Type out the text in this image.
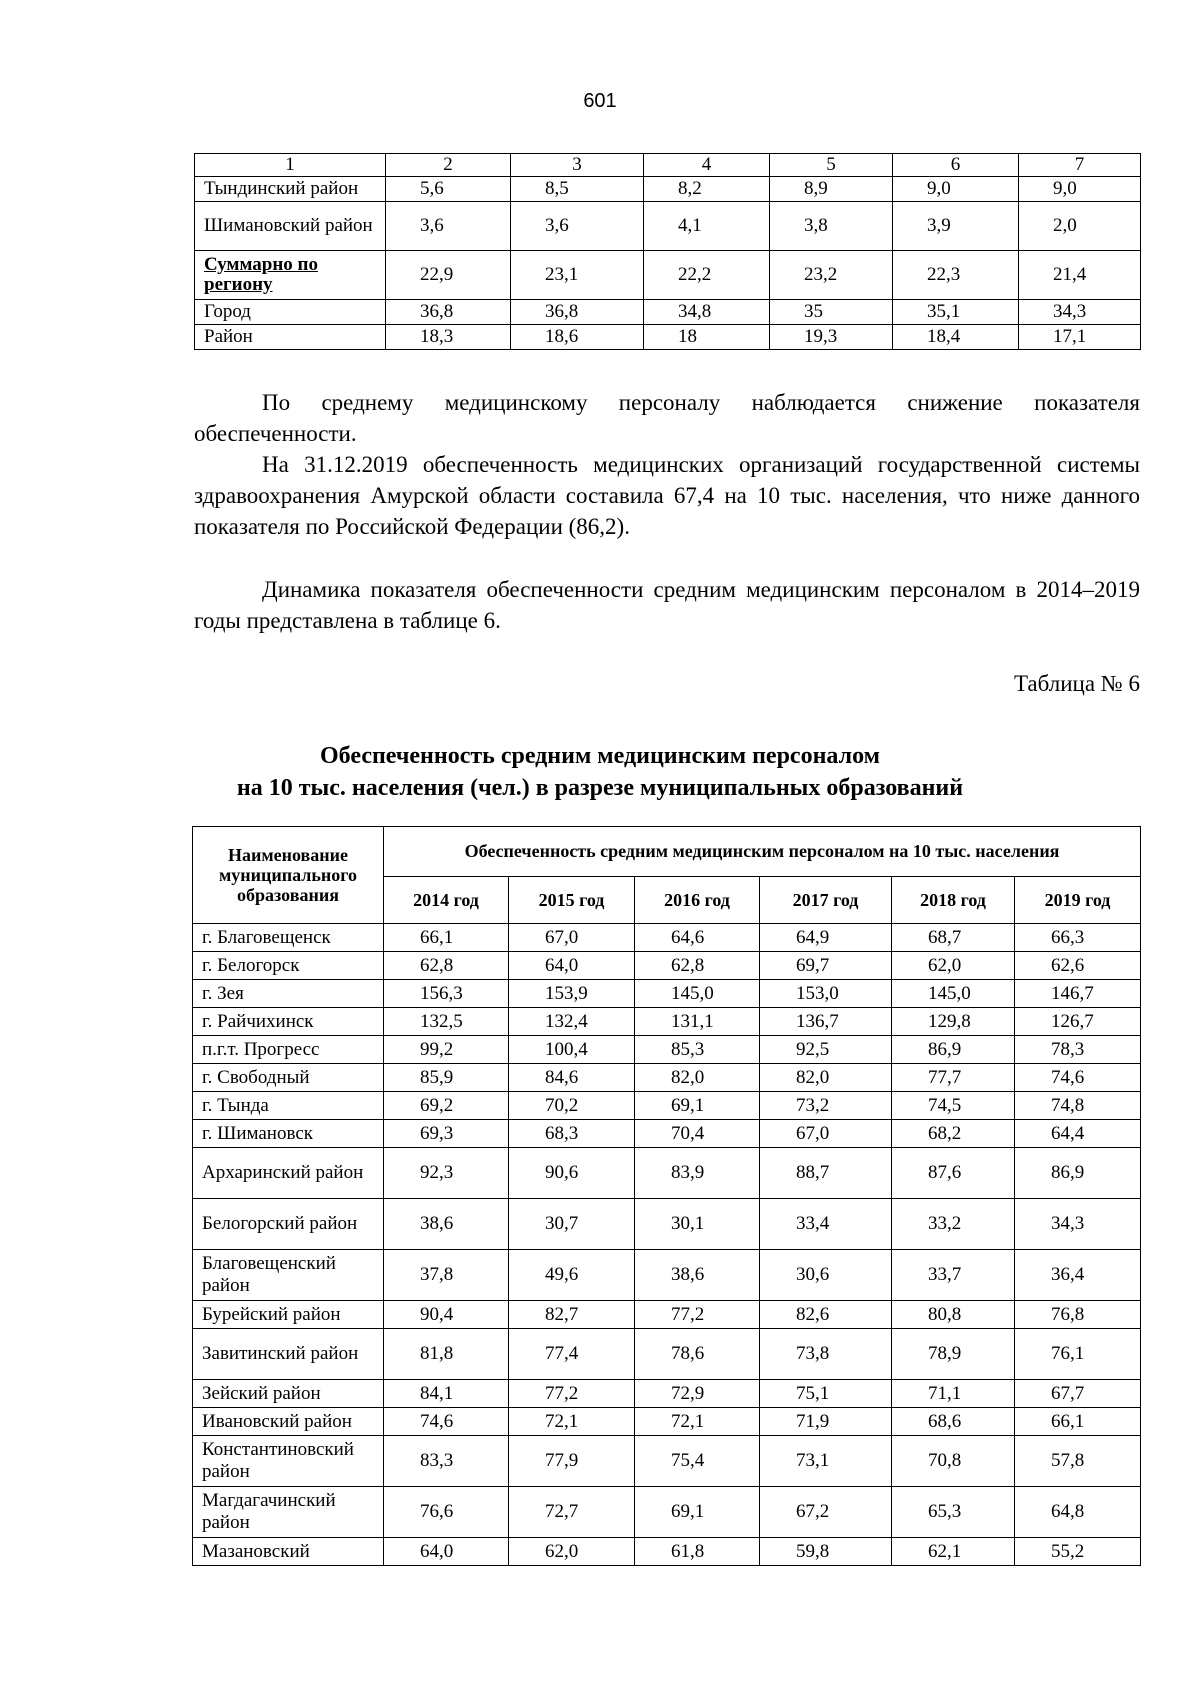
601
1	2	3	4	5	6	7
Тындинский район	5,6	8,5	8,2	8,9	9,0	9,0
Шимановский район	3,6	3,6	4,1	3,8	3,9	2,0
Суммарно по региону	22,9	23,1	22,2	23,2	22,3	21,4
Город	36,8	36,8	34,8	35	35,1	34,3
Район	18,3	18,6	18	19,3	18,4	17,1
По среднему медицинскому персоналу наблюдается снижение показателя обеспеченности.
На 31.12.2019 обеспеченность медицинских организаций государственной системы здравоохранения Амурской области составила 67,4 на 10 тыс. населения, что ниже данного показателя по Российской Федерации (86,2).
Динамика показателя обеспеченности средним медицинским персоналом в 2014–2019 годы представлена в таблице 6.
Таблица № 6
Обеспеченность средним медицинским персоналом
на 10 тыс. населения (чел.) в разрезе муниципальных образований
Наименование муниципального образования	Обеспеченность средним медицинским персоналом на 10 тыс. населения					
	2014 год	2015 год	2016 год	2017 год	2018 год	2019 год
г. Благовещенск	66,1	67,0	64,6	64,9	68,7	66,3
г. Белогорск	62,8	64,0	62,8	69,7	62,0	62,6
г. Зея	156,3	153,9	145,0	153,0	145,0	146,7
г. Райчихинск	132,5	132,4	131,1	136,7	129,8	126,7
п.г.т. Прогресс	99,2	100,4	85,3	92,5	86,9	78,3
г. Свободный	85,9	84,6	82,0	82,0	77,7	74,6
г. Тында	69,2	70,2	69,1	73,2	74,5	74,8
г. Шимановск	69,3	68,3	70,4	67,0	68,2	64,4
Архаринский район	92,3	90,6	83,9	88,7	87,6	86,9
Белогорский район	38,6	30,7	30,1	33,4	33,2	34,3
Благовещенский район	37,8	49,6	38,6	30,6	33,7	36,4
Бурейский район	90,4	82,7	77,2	82,6	80,8	76,8
Завитинский район	81,8	77,4	78,6	73,8	78,9	76,1
Зейский район	84,1	77,2	72,9	75,1	71,1	67,7
Ивановский район	74,6	72,1	72,1	71,9	68,6	66,1
Константиновский район	83,3	77,9	75,4	73,1	70,8	57,8
Магдагачинский район	76,6	72,7	69,1	67,2	65,3	64,8
Мазановский	64,0	62,0	61,8	59,8	62,1	55,2
